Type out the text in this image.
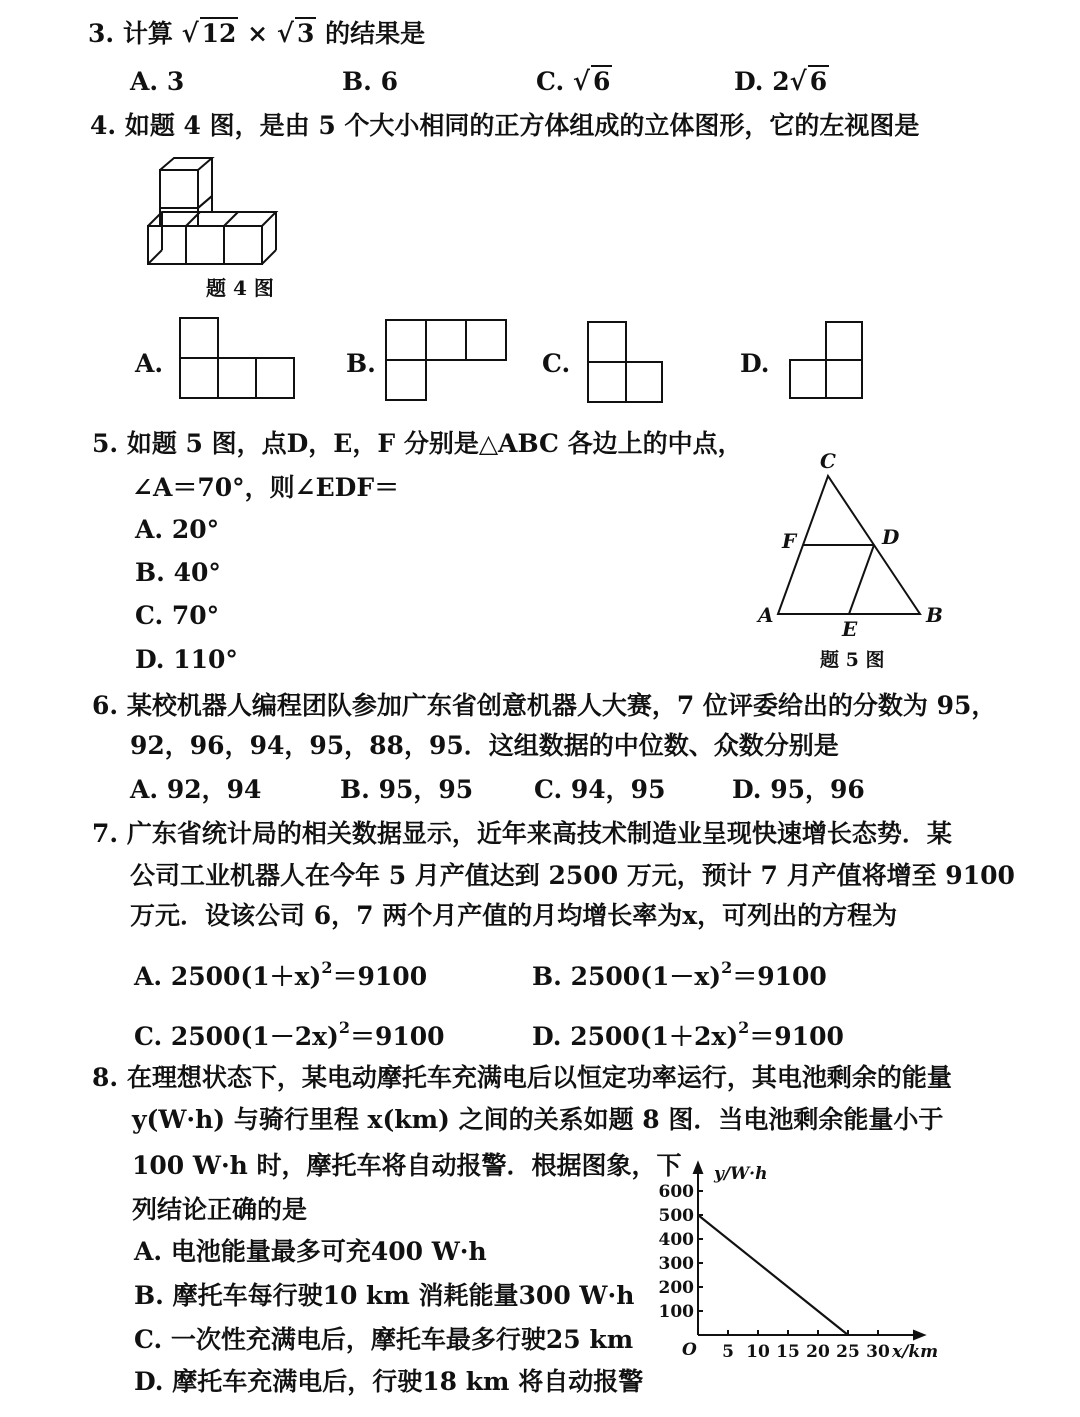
3. 计算 √ 12 × √ 3 的结果是
A. 3	B. 6	C. √ 6	D. 2√ 6
4. 如题 4 图，是由 5 个大小相同的正方体组成的立体图形，它的左视图是
题 4 图
A.	B.	C.	D.
5. 如题 5 图，点D，E，F 分别是△ABC 各边上的中点，
∠A＝70°，则∠EDF＝
A. 20°
B. 40°
C. 70°
D. 110°
C
F	D
A
E
B
题 5 图
6. 某校机器人编程团队参加广东省创意机器人大赛，7 位评委给出的分数为 95，
92，96，94，95，88，95．这组数据的中位数、众数分别是
A. 92，94	B. 95，95 C. 94，95	D. 95，96
7. 广东省统计局的相关数据显示，近年来高技术制造业呈现快速增长态势．某
公司工业机器人在今年 5 月产值达到 2500 万元，预计 7 月产值将增至 9100
万元．设该公司 6，7 两个月产值的月均增长率为x，可列出的方程为
A. $2500(1+x)^2=9100$	B. $2500(1-x)^2=9100$
C. $2500(1-2x)^2=9100$	D. $2500(1+2x)^2=9100$
8. 在理想状态下，某电动摩托车充满电后以恒定功率运行，其电池剩余的能量
y(W·h) 与骑行里程 x(km) 之间的关系如题 8 图．当电池剩余能量小于
100 W·h 时，摩托车将自动报警．根据图象，下
列结论正确的是
A. 电池能量最多可充400 W·h
B. 摩托车每行驶10 km 消耗能量300 W·h
C. 一次性充满电后，摩托车最多行驶25 km
D. 摩托车充满电后，行驶18 km 将自动报警
5 10 15 20 25 30
100
200
300
400
500
600
O	x/km
y/W·h
